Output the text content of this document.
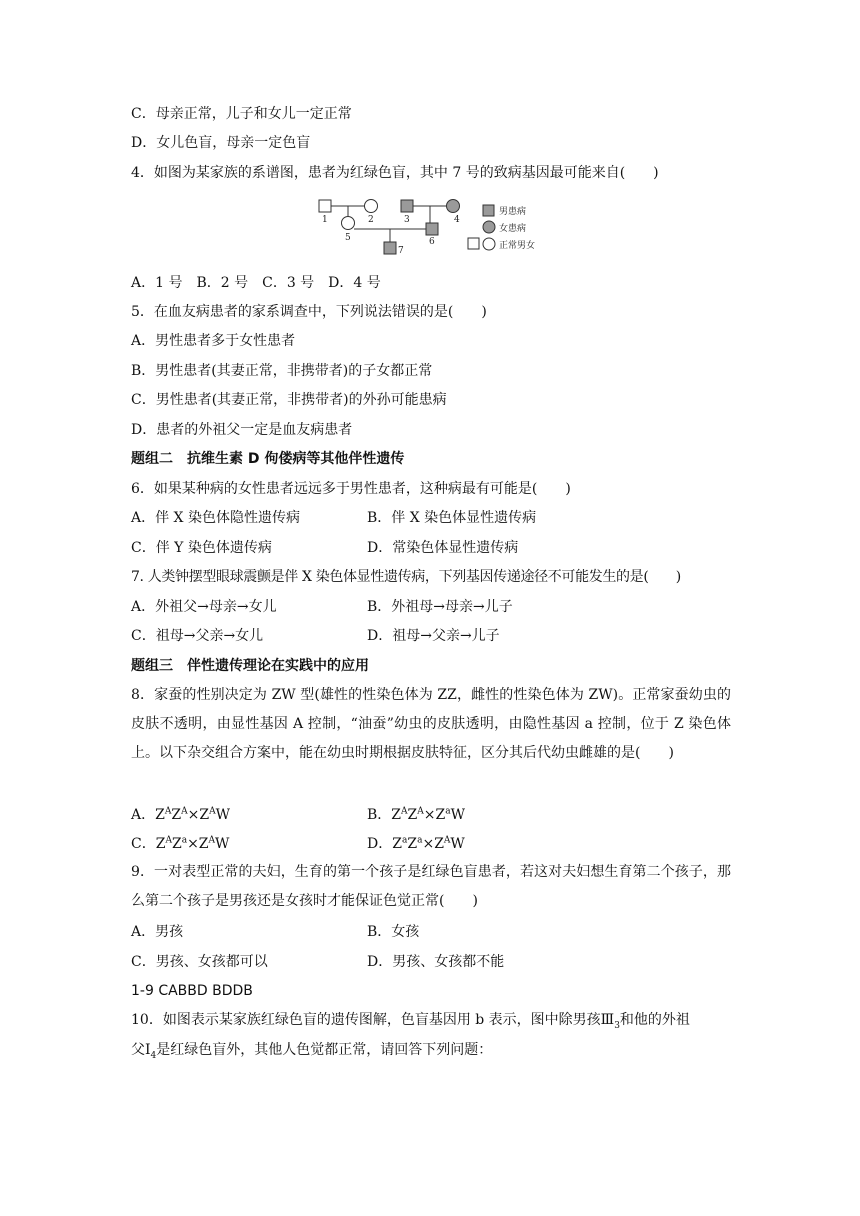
C．母亲正常，儿子和女儿一定正常
D．女儿色盲，母亲一定色盲
4．如图为某家族的系谱图，患者为红绿色盲，其中 7 号的致病基因最可能来自(　　)
1	2	3	4
5	6
7
男患病
女患病
正常男女
A．1 号　B．2 号　C．3 号　D．4 号
5．在血友病患者的家系调查中，下列说法错误的是(　　)
A．男性患者多于女性患者
B．男性患者(其妻正常，非携带者)的子女都正常
C．男性患者(其妻正常，非携带者)的外孙可能患病
D．患者的外祖父一定是血友病患者
题组二　抗维生素 D 佝偻病等其他伴性遗传
6．如果某种病的女性患者远远多于男性患者，这种病最有可能是(　　)
A．伴 X 染色体隐性遗传病	B．伴 X 染色体显性遗传病
C．伴 Y 染色体遗传病	D．常染色体显性遗传病
7. 人类钟摆型眼球震颤是伴 X 染色体显性遗传病，下列基因传递途径不可能发生的是(　　)
A．外祖父→母亲→女儿	B．外祖母→母亲→儿子
C．祖母→父亲→女儿	D．祖母→父亲→儿子
题组三　伴性遗传理论在实践中的应用
8．家蚕的性别决定为 ZW 型(雄性的性染色体为 ZZ，雌性的性染色体为 ZW)。正常家蚕幼虫的皮肤不透明，由显性基因 A 控制，“油蚕”幼虫的皮肤透明，由隐性基因 a 控制，位于 Z 染色体上。以下杂交组合方案中，能在幼虫时期根据皮肤特征，区分其后代幼虫雌雄的是(　　)
A．$Z^AZ^A\times Z^AW$	B．$Z^AZ^A\times Z^aW$
C．$Z^AZ^a\times Z^AW$	D．$Z^aZ^a\times Z^AW$
9．一对表型正常的夫妇，生育的第一个孩子是红绿色盲患者，若这对夫妇想生育第二个孩子，那么第二个孩子是男孩还是女孩时才能保证色觉正常(　　)
A．男孩	B．女孩
C．男孩、女孩都可以	D．男孩、女孩都不能
1-9 CABBD BDDB
10．如图表示某家族红绿色盲的遗传图解，色盲基因用 b 表示，图中除男孩$Ⅲ_3$和他的外祖
父$Ⅰ_4$是红绿色盲外，其他人色觉都正常，请回答下列问题：
